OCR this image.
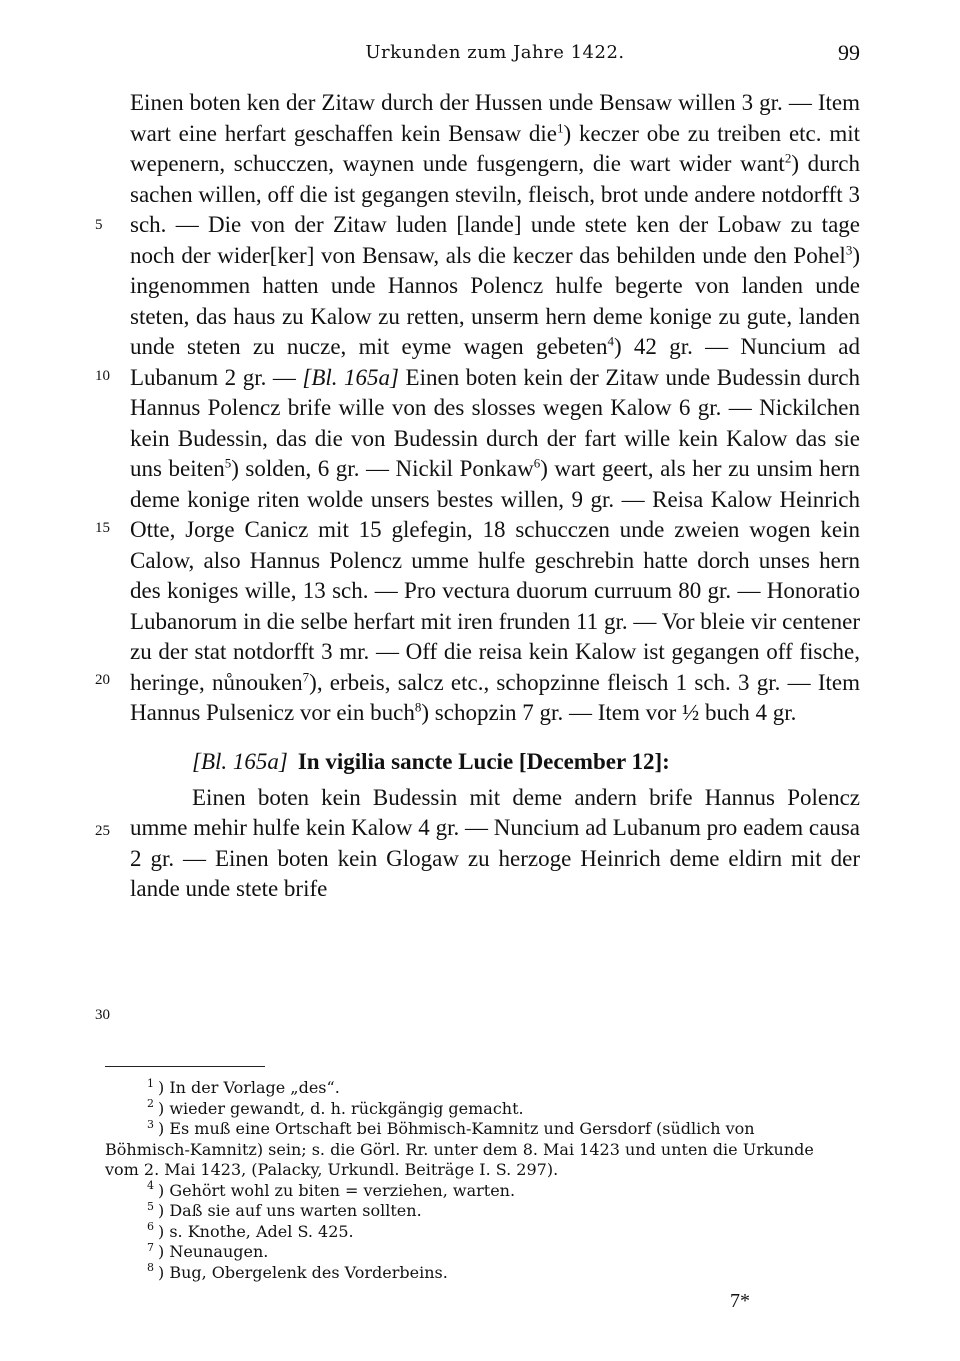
Urkunden zum Jahre 1422.	99
5
10
15
20
25
30

Einen boten ken der Zitaw durch der Hussen unde Bensaw willen 3 gr. — Item wart eine herfart geschaffen kein Bensaw die$^1$) keczer obe zu treiben etc. mit wepenern, schucczen, waynen unde fusgengern, die wart wider want$^2$) durch sachen willen, off die ist gegangen steviln, fleisch, brot unde andere notdorfft 3 sch. — Die von der Zitaw luden [lande] unde stete ken der Lobaw zu tage noch der wider[ker] von Bensaw, als die keczer das behilden unde den Pohel$^3$) ingenommen hatten unde Hannos Polencz hulfe begerte von landen unde steten, das haus zu Kalow zu retten, unserm hern deme konige zu gute, landen unde steten zu nucze, mit eyme wagen gebeten$^4$) 42 gr. — Nuncium ad Lubanum 2 gr. — [Bl. 165a] Einen boten kein der Zitaw unde Budessin durch Hannus Polencz brife wille von des slosses wegen Kalow 6 gr. — Nickilchen kein Budessin, das die von Budessin durch der fart wille kein Kalow das sie uns beiten$^5$) solden, 6 gr. — Nickil Ponkaw$^6$) wart geert, als her zu unsim hern deme konige riten wolde unsers bestes willen, 9 gr. — Reisa Kalow Heinrich Otte, Jorge Canicz mit 15 glefegin, 18 schucczen unde zweien wogen kein Calow, also Hannus Polencz umme hulfe geschrebin hatte dorch unses hern des koniges wille, 13 sch. — Pro vectura duorum curruum 80 gr. — Honoratio Lubanorum in die selbe herfart mit iren frunden 11 gr. — Vor bleie vir centener zu der stat notdorfft 3 mr. — Off die reisa kein Kalow ist gegangen off fische, heringe, nůnouken$^7$), erbeis, salcz etc., schopzinne fleisch 1 sch. 3 gr. — Item Hannus Pulsenicz vor ein buch$^8$) schopzin 7 gr. — Item vor ½ buch 4 gr.

[Bl. 165a] In vigilia sancte Lucie [December 12]:

Einen boten kein Budessin mit deme andern brife Hannus Polencz umme mehir hulfe kein Kalow 4 gr. — Nuncium ad Lubanum pro eadem causa 2 gr. — Einen boten kein Glogaw zu herzoge Heinrich deme eldirn mit der lande unde stete brife

$^1$ ) In der Vorlage „des“.

$^2$ ) wieder gewandt, d. h. rückgängig gemacht.

$^3$ ) Es muß eine Ortschaft bei Böhmisch-Kamnitz und Gersdorf (südlich von

Böhmisch-Kamnitz) sein; s. die Görl. Rr. unter dem 8. Mai 1423 und unten die Urkunde

vom 2. Mai 1423, (Palacky, Urkundl. Beiträge I. S. 297).

$^4$ ) Gehört wohl zu biten = verziehen, warten.

$^5$ ) Daß sie auf uns warten sollten.

$^6$ ) s. Knothe, Adel S. 425.

$^7$ ) Neunaugen.

$^8$ ) Bug, Obergelenk des Vorderbeins.

7*
